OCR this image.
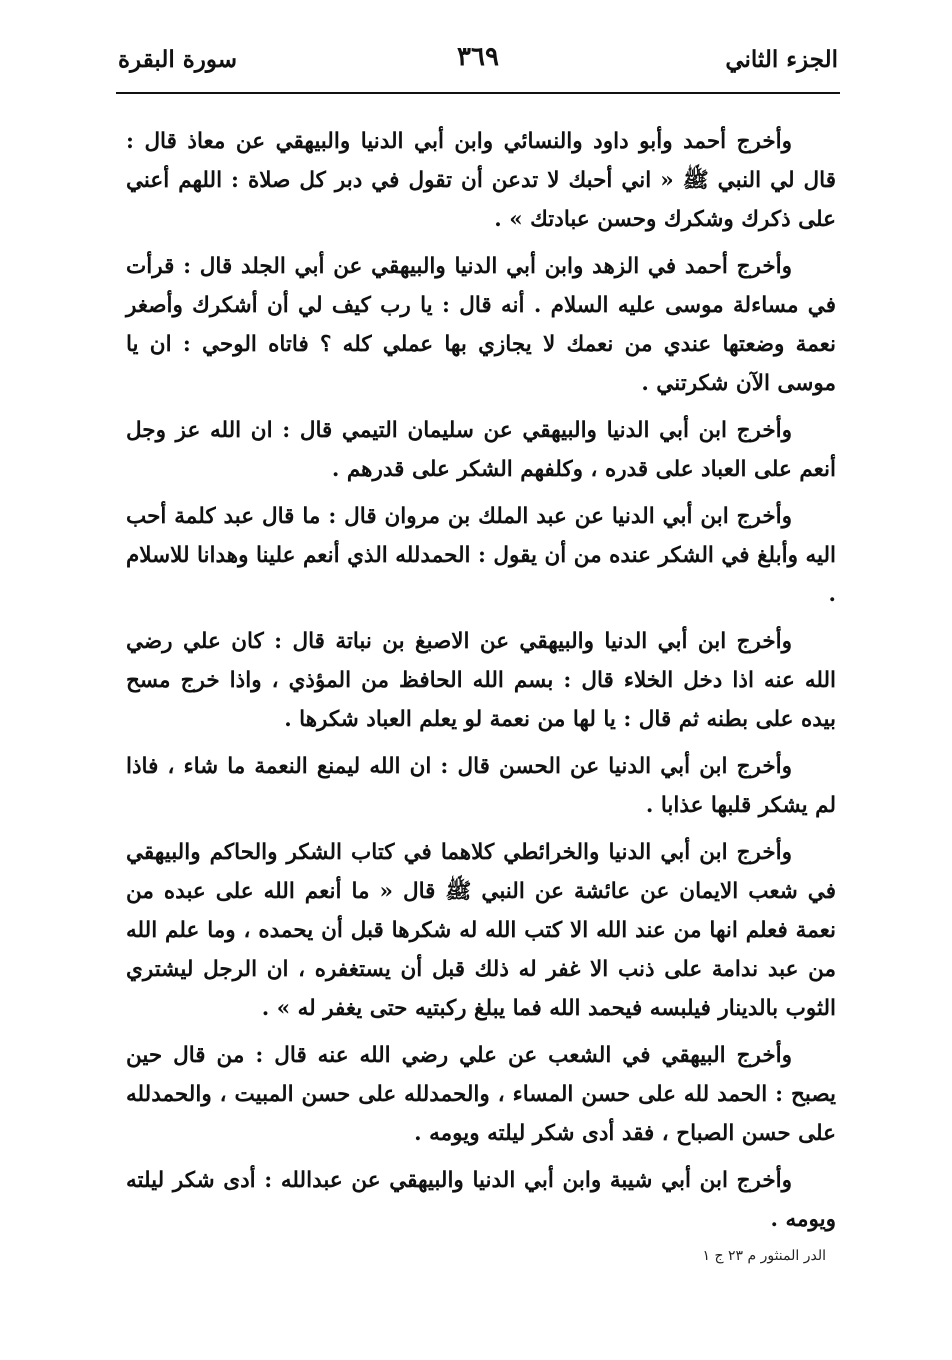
الجزء الثاني
٣٦٩
سورة البقرة

وأخرج أحمد وأبو داود والنسائي وابن أبي الدنيا والبيهقي عن معاذ قال : قال لي النبي ﷺ « اني أحبك لا تدعن أن تقول في دبر كل صلاة : اللهم أعني على ذكرك وشكرك وحسن عبادتك » .

وأخرج أحمد في الزهد وابن أبي الدنيا والبيهقي عن أبي الجلد قال : قرأت في مساءلة موسى عليه السلام . أنه قال : يا رب كيف لي أن أشكرك وأصغر نعمة وضعتها عندي من نعمك لا يجازي بها عملي كله ؟ فاتاه الوحي : ان يا موسى الآن شكرتني .

وأخرج ابن أبي الدنيا والبيهقي عن سليمان التيمي قال : ان الله عز وجل أنعم على العباد على قدره ، وكلفهم الشكر على قدرهم .

وأخرج ابن أبي الدنيا عن عبد الملك بن مروان قال : ما قال عبد كلمة أحب اليه وأبلغ في الشكر عنده من أن يقول : الحمدلله الذي أنعم علينا وهدانا للاسلام .

وأخرج ابن أبي الدنيا والبيهقي عن الاصبغ بن نباتة قال : كان علي رضي الله عنه اذا دخل الخلاء قال : بسم الله الحافظ من المؤذي ، واذا خرج مسح بيده على بطنه ثم قال : يا لها من نعمة لو يعلم العباد شكرها .

وأخرج ابن أبي الدنيا عن الحسن قال : ان الله ليمنع النعمة ما شاء ، فاذا لم يشكر قلبها عذابا .

وأخرج ابن أبي الدنيا والخرائطي كلاهما في كتاب الشكر والحاكم والبيهقي في شعب الايمان عن عائشة عن النبي ﷺ قال « ما أنعم الله على عبده من نعمة فعلم انها من عند الله الا كتب الله له شكرها قبل أن يحمده ، وما علم الله من عبد ندامة على ذنب الا غفر له ذلك قبل أن يستغفره ، ان الرجل ليشتري الثوب بالدينار فيلبسه فيحمد الله فما يبلغ ركبتيه حتى يغفر له » .

وأخرج البيهقي في الشعب عن علي رضي الله عنه قال : من قال حين يصبح : الحمد لله على حسن المساء ، والحمدلله على حسن المبيت ، والحمدلله على حسن الصباح ، فقد أدى شكر ليلته ويومه .

وأخرج ابن أبي شيبة وابن أبي الدنيا والبيهقي عن عبدالله : أدى شكر ليلته ويومه .

الدر المنثور م ٢٣ ج ١
